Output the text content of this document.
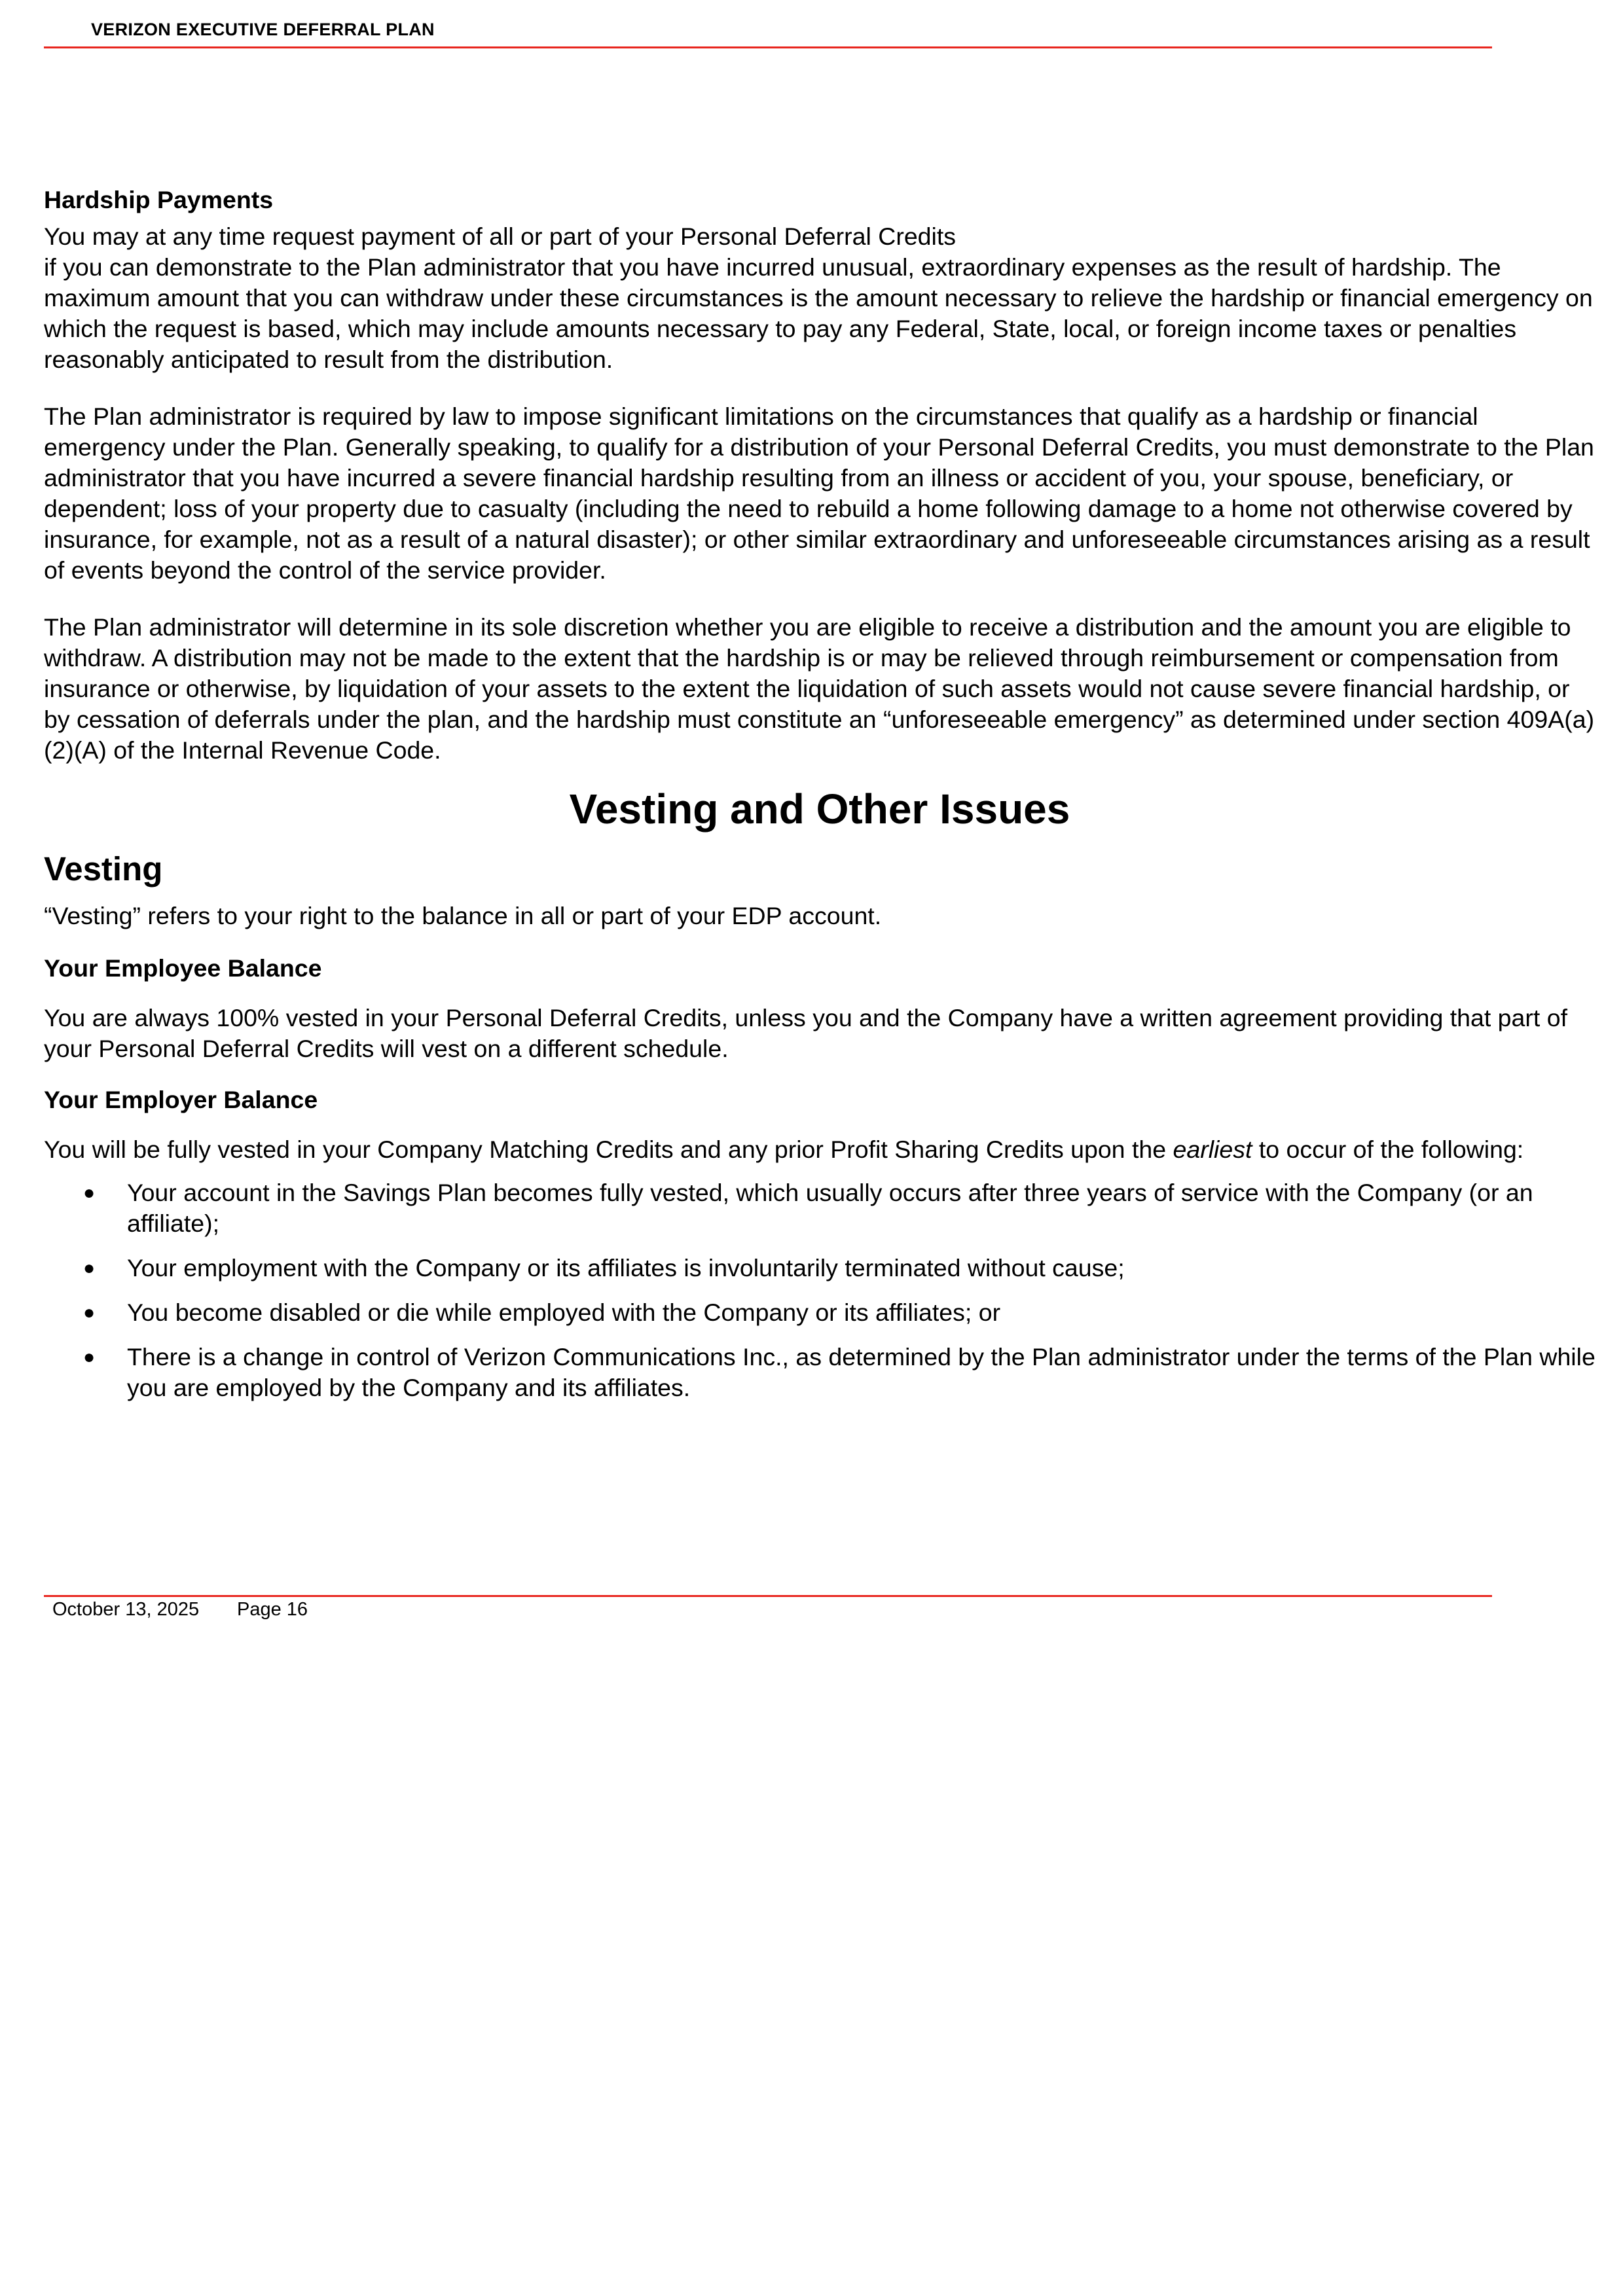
VERIZON EXECUTIVE DEFERRAL PLAN

Hardship Payments

You may at any time request payment of all or part of your Personal Deferral Credits
if you can demonstrate to the Plan administrator that you have incurred unusual, extraordinary expenses as the result of hardship. The maximum amount that you can withdraw under these circumstances is the amount necessary to relieve the hardship or financial emergency on which the request is based, which may include amounts necessary to pay any Federal, State, local, or foreign income taxes or penalties reasonably anticipated to result from the distribution.

The Plan administrator is required by law to impose significant limitations on the circumstances that qualify as a hardship or financial emergency under the Plan. Generally speaking, to qualify for a distribution of your Personal Deferral Credits, you must demonstrate to the Plan administrator that you have incurred a severe financial hardship resulting from an illness or accident of you, your spouse, beneficiary, or dependent; loss of your property due to casualty (including the need to rebuild a home following damage to a home not otherwise covered by insurance, for example, not as a result of a natural disaster); or other similar extraordinary and unforeseeable circumstances arising as a result of events beyond the control of the service provider.

The Plan administrator will determine in its sole discretion whether you are eligible to receive a distribution and the amount you are eligible to withdraw. A distribution may not be made to the extent that the hardship is or may be relieved through reimbursement or compensation from insurance or otherwise, by liquidation of your assets to the extent the liquidation of such assets would not cause severe financial hardship, or by cessation of deferrals under the plan, and the hardship must constitute an “unforeseeable emergency” as determined under section 409A(a)(2)(A) of the Internal Revenue Code.

Vesting and Other Issues

Vesting

“Vesting” refers to your right to the balance in all or part of your EDP account.

Your Employee Balance

You are always 100% vested in your Personal Deferral Credits, unless you and the Company have a written agreement providing that part of your Personal Deferral Credits will vest on a different schedule.

Your Employer Balance

You will be fully vested in your Company Matching Credits and any prior Profit Sharing Credits upon the earliest to occur of the following:

● Your account in the Savings Plan becomes fully vested, which usually occurs after three years of service with the Company (or an affiliate);
● Your employment with the Company or its affiliates is involuntarily terminated without cause;
● You become disabled or die while employed with the Company or its affiliates; or
● There is a change in control of Verizon Communications Inc., as determined by the Plan administrator under the terms of the Plan while you are employed by the Company and its affiliates.
October 13, 2025 Page 16
